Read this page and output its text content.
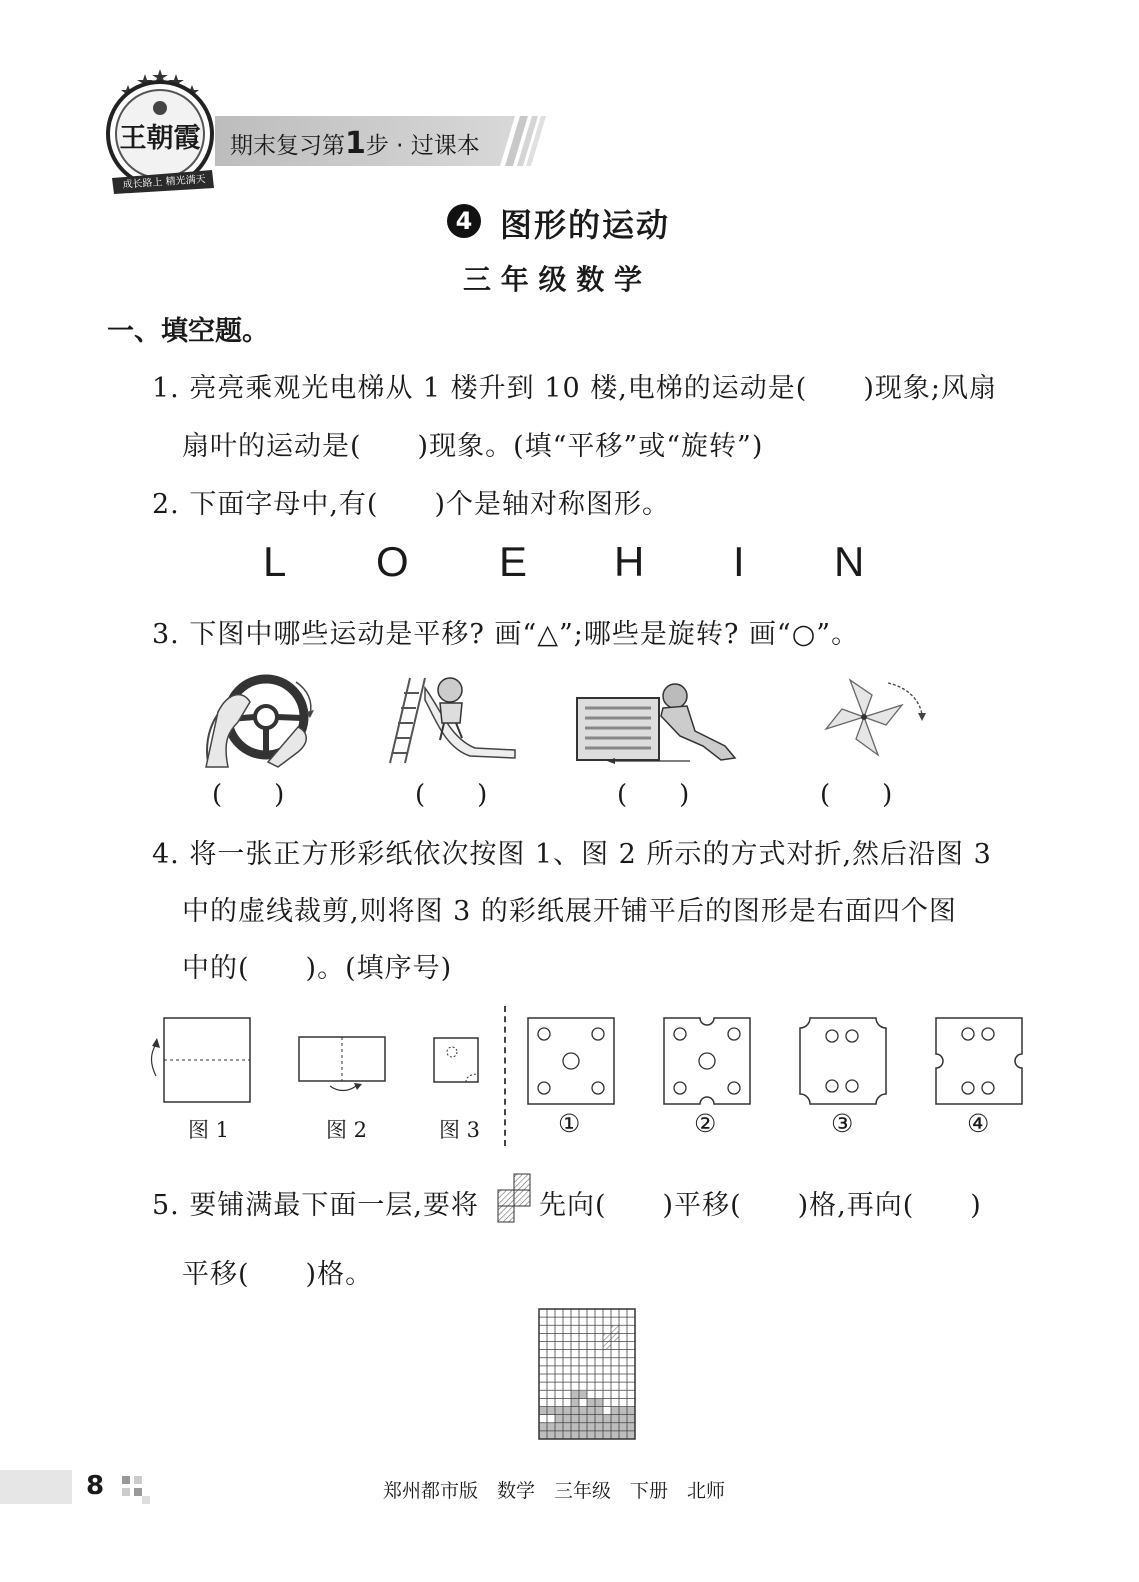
王朝霞
成长路上 精光满天
期末复习第1步 · 过课本
4 图形的运动
三 年 级 数 学
一、填空题。
1. 亮亮乘观光电梯从 1 楼升到 10 楼,电梯的运动是(　　)现象;风扇
扇叶的运动是(　　)现象。(填“平移”或“旋转”)
2. 下面字母中,有(　　)个是轴对称图形。
L O E H I N
3. 下图中哪些运动是平移? 画“△”;哪些是旋转? 画“○”。
(　　)	(　　)	(　　)	(　　)
4. 将一张正方形彩纸依次按图 1、图 2 所示的方式对折,然后沿图 3
中的虚线裁剪,则将图 3 的彩纸展开铺平后的图形是右面四个图
中的(　　)。(填序号)
图 1	图 2	图 3	①	②	③	④
5. 要铺满最下面一层,要将 先向(　　)平移(　　)格,再向(　　)
平移(　　)格。
8	郑州都市版　数学　三年级　下册　北师
